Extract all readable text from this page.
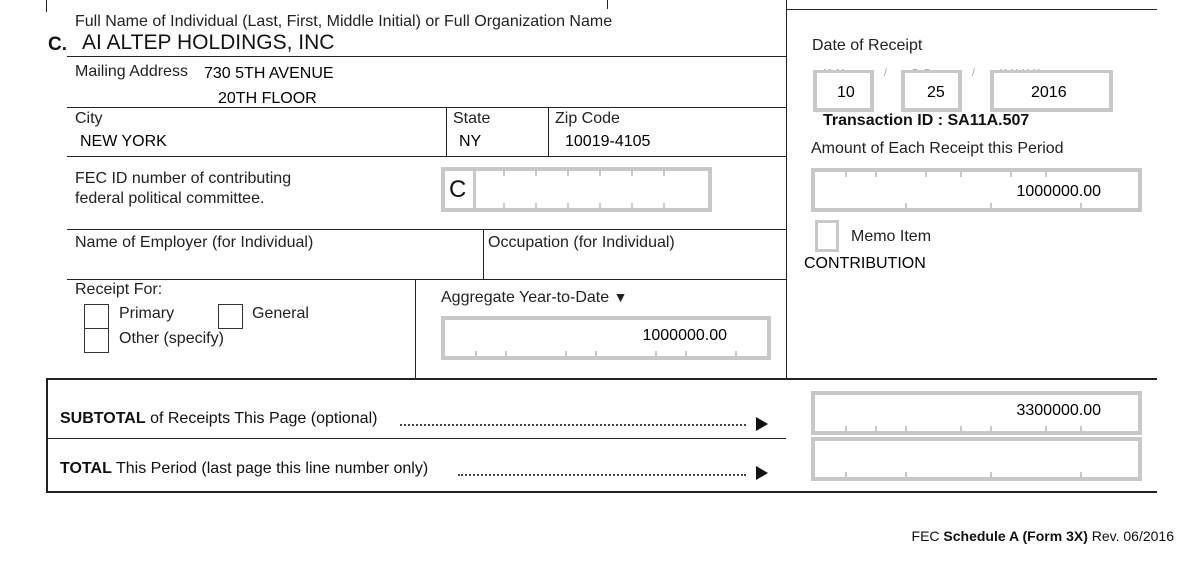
Full Name of Individual (Last, First, Middle Initial) or Full Organization Name
C. AI ALTEP HOLDINGS, INC
Mailing Address 730 5TH AVENUE
20TH FLOOR
City
NEW YORK
State
NY
Zip Code
10019-4105
FEC ID number of contributing
federal political committee.	C
Name of Employer (for Individual)	Occupation (for Individual)
Receipt For:
Primary	General
Other (specify)
Aggregate Year-to-Date ▼
1000000.00
Date of Receipt
/	/
10	25	2016
Transaction ID : SA11A.507
Amount of Each Receipt this Period
1000000.00
Memo Item
CONTRIBUTION
SUBTOTAL of Receipts This Page (optional)	3300000.00
TOTAL This Period (last page this line number only)
FEC Schedule A (Form 3X) Rev. 06/2016
